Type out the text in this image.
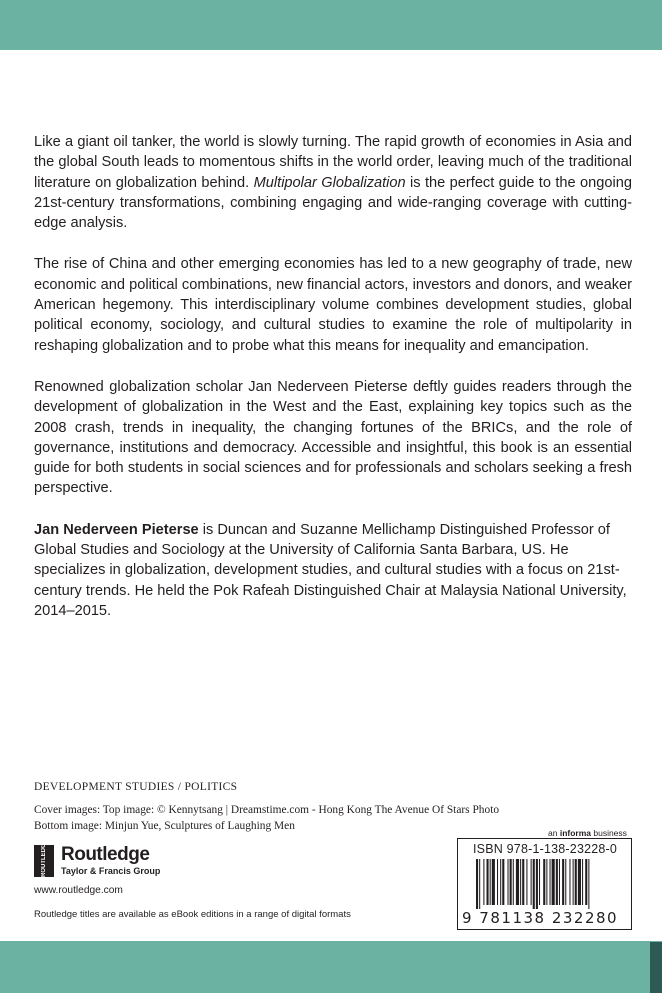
Like a giant oil tanker, the world is slowly turning. The rapid growth of economies in Asia and the global South leads to momentous shifts in the world order, leaving much of the traditional literature on globalization behind. Multipolar Globalization is the perfect guide to the ongoing 21st-century transformations, combining engaging and wide-ranging coverage with cutting-edge analysis.

The rise of China and other emerging economies has led to a new geography of trade, new economic and political combinations, new financial actors, investors and donors, and weaker American hegemony. This interdisciplinary volume combines development studies, global political economy, sociology, and cultural studies to examine the role of multipolarity in reshaping globalization and to probe what this means for inequality and emancipation.

Renowned globalization scholar Jan Nederveen Pieterse deftly guides readers through the development of globalization in the West and the East, explaining key topics such as the 2008 crash, trends in inequality, the changing fortunes of the BRICs, and the role of governance, institutions and democracy. Accessible and insightful, this book is an essential guide for both students in social sciences and for professionals and scholars seeking a fresh perspective.

Jan Nederveen Pieterse is Duncan and Suzanne Mellichamp Distinguished Professor of Global Studies and Sociology at the University of California Santa Barbara, US. He specializes in globalization, development studies, and cultural studies with a focus on 21st-century trends. He held the Pok Rafeah Distinguished Chair at Malaysia National University, 2014–2015.

DEVELOPMENT STUDIES / POLITICS
Cover images: Top image: © Kennytsang | Dreamstime.com - Hong Kong The Avenue Of Stars Photo
Bottom image: Minjun Yue, Sculptures of Laughing Men
an informa business
ROUTLEDGE Routledge
Taylor & Francis Group
www.routledge.com
Routledge titles are available as eBook editions in a range of digital formats
ISBN 978-1-138-23228-0
9 781138 232280
